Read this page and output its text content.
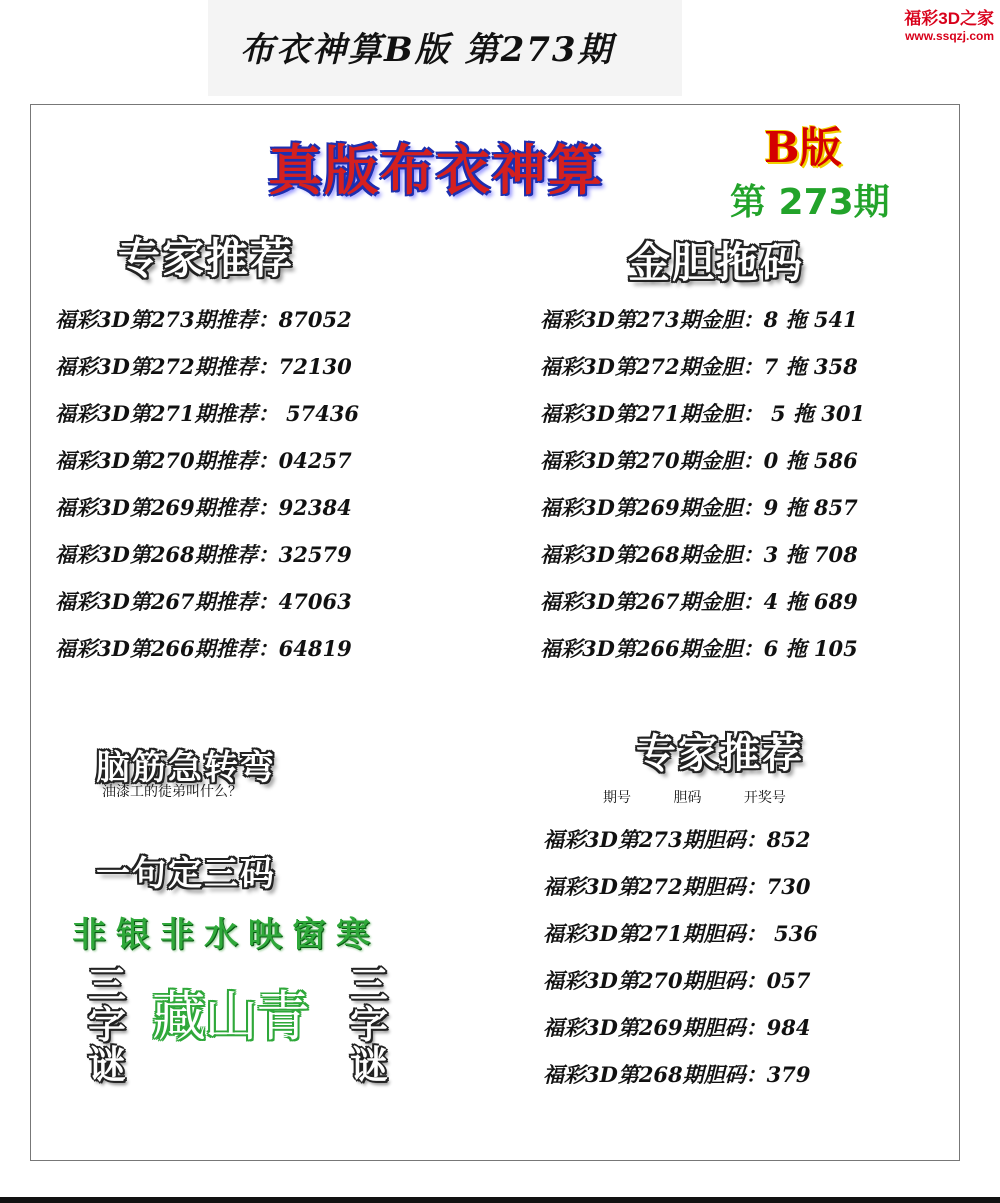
布衣神算B版 第273期
福彩3D之家
www.ssqzj.com
真版布衣神算	B版
第 273期
专家推荐
福彩3D第273期推荐：87052
福彩3D第272期推荐：72130
福彩3D第271期推荐： 57436
福彩3D第270期推荐：04257
福彩3D第269期推荐：92384
福彩3D第268期推荐：32579
福彩3D第267期推荐：47063
福彩3D第266期推荐：64819
金胆拖码
福彩3D第273期金胆：8 拖 541
福彩3D第272期金胆：7 拖 358
福彩3D第271期金胆： 5 拖 301
福彩3D第270期金胆：0 拖 586
福彩3D第269期金胆：9 拖 857
福彩3D第268期金胆：3 拖 708
福彩3D第267期金胆：4 拖 689
福彩3D第266期金胆：6 拖 105
脑筋急转弯
油漆工的徒弟叫什么？
一句定三码
非银非水映窗寒
三
字
谜
藏山青 三
字
谜
专家推荐
期号	胆码	开奖号
福彩3D第273期胆码：852
福彩3D第272期胆码：730
福彩3D第271期胆码： 536
福彩3D第270期胆码：057
福彩3D第269期胆码：984
福彩3D第268期胆码：379
